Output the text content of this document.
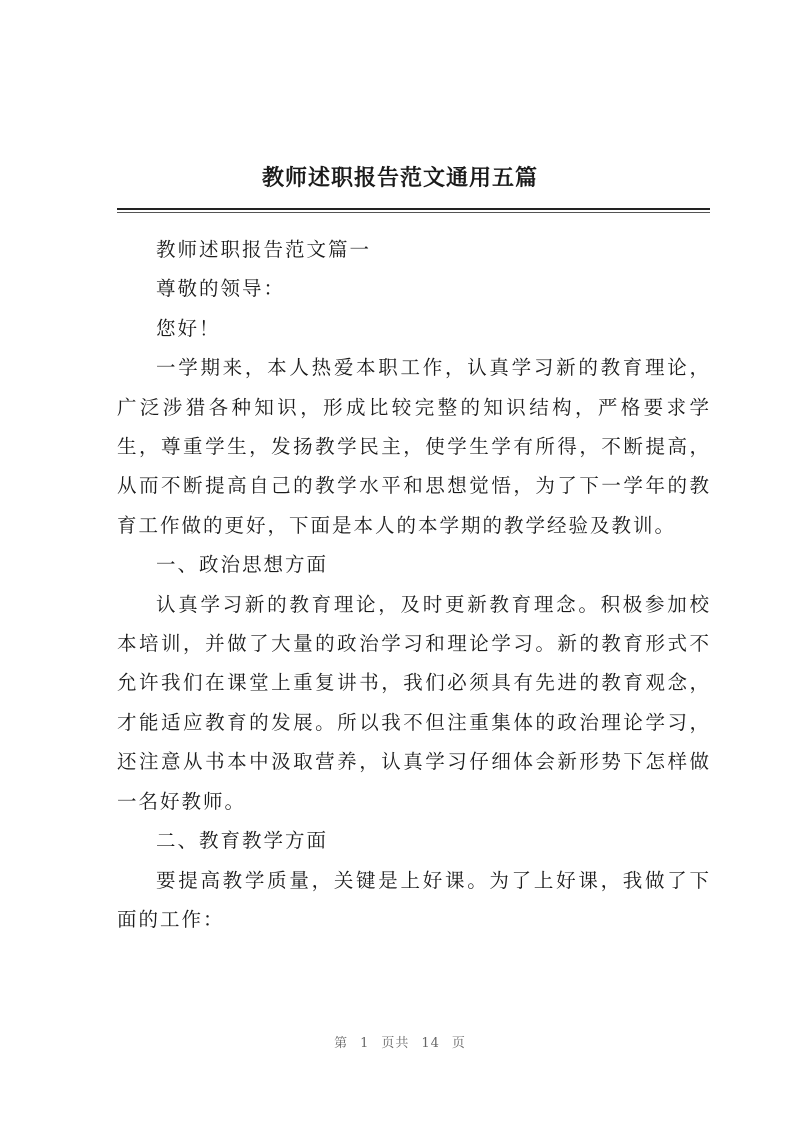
教师述职报告范文通用五篇

教师述职报告范文篇一

尊敬的领导：

您好！

一学期来，本人热爱本职工作，认真学习新的教育理论，广泛涉猎各种知识，形成比较完整的知识结构，严格要求学生，尊重学生，发扬教学民主，使学生学有所得，不断提高，从而不断提高自己的教学水平和思想觉悟，为了下一学年的教育工作做的更好，下面是本人的本学期的教学经验及教训。

一、政治思想方面

认真学习新的教育理论，及时更新教育理念。积极参加校本培训，并做了大量的政治学习和理论学习。新的教育形式不允许我们在课堂上重复讲书，我们必须具有先进的教育观念，才能适应教育的发展。所以我不但注重集体的政治理论学习，还注意从书本中汲取营养，认真学习仔细体会新形势下怎样做一名好教师。

二、教育教学方面

要提高教学质量，关键是上好课。为了上好课，我做了下面的工作：

第 1 页共 14 页
